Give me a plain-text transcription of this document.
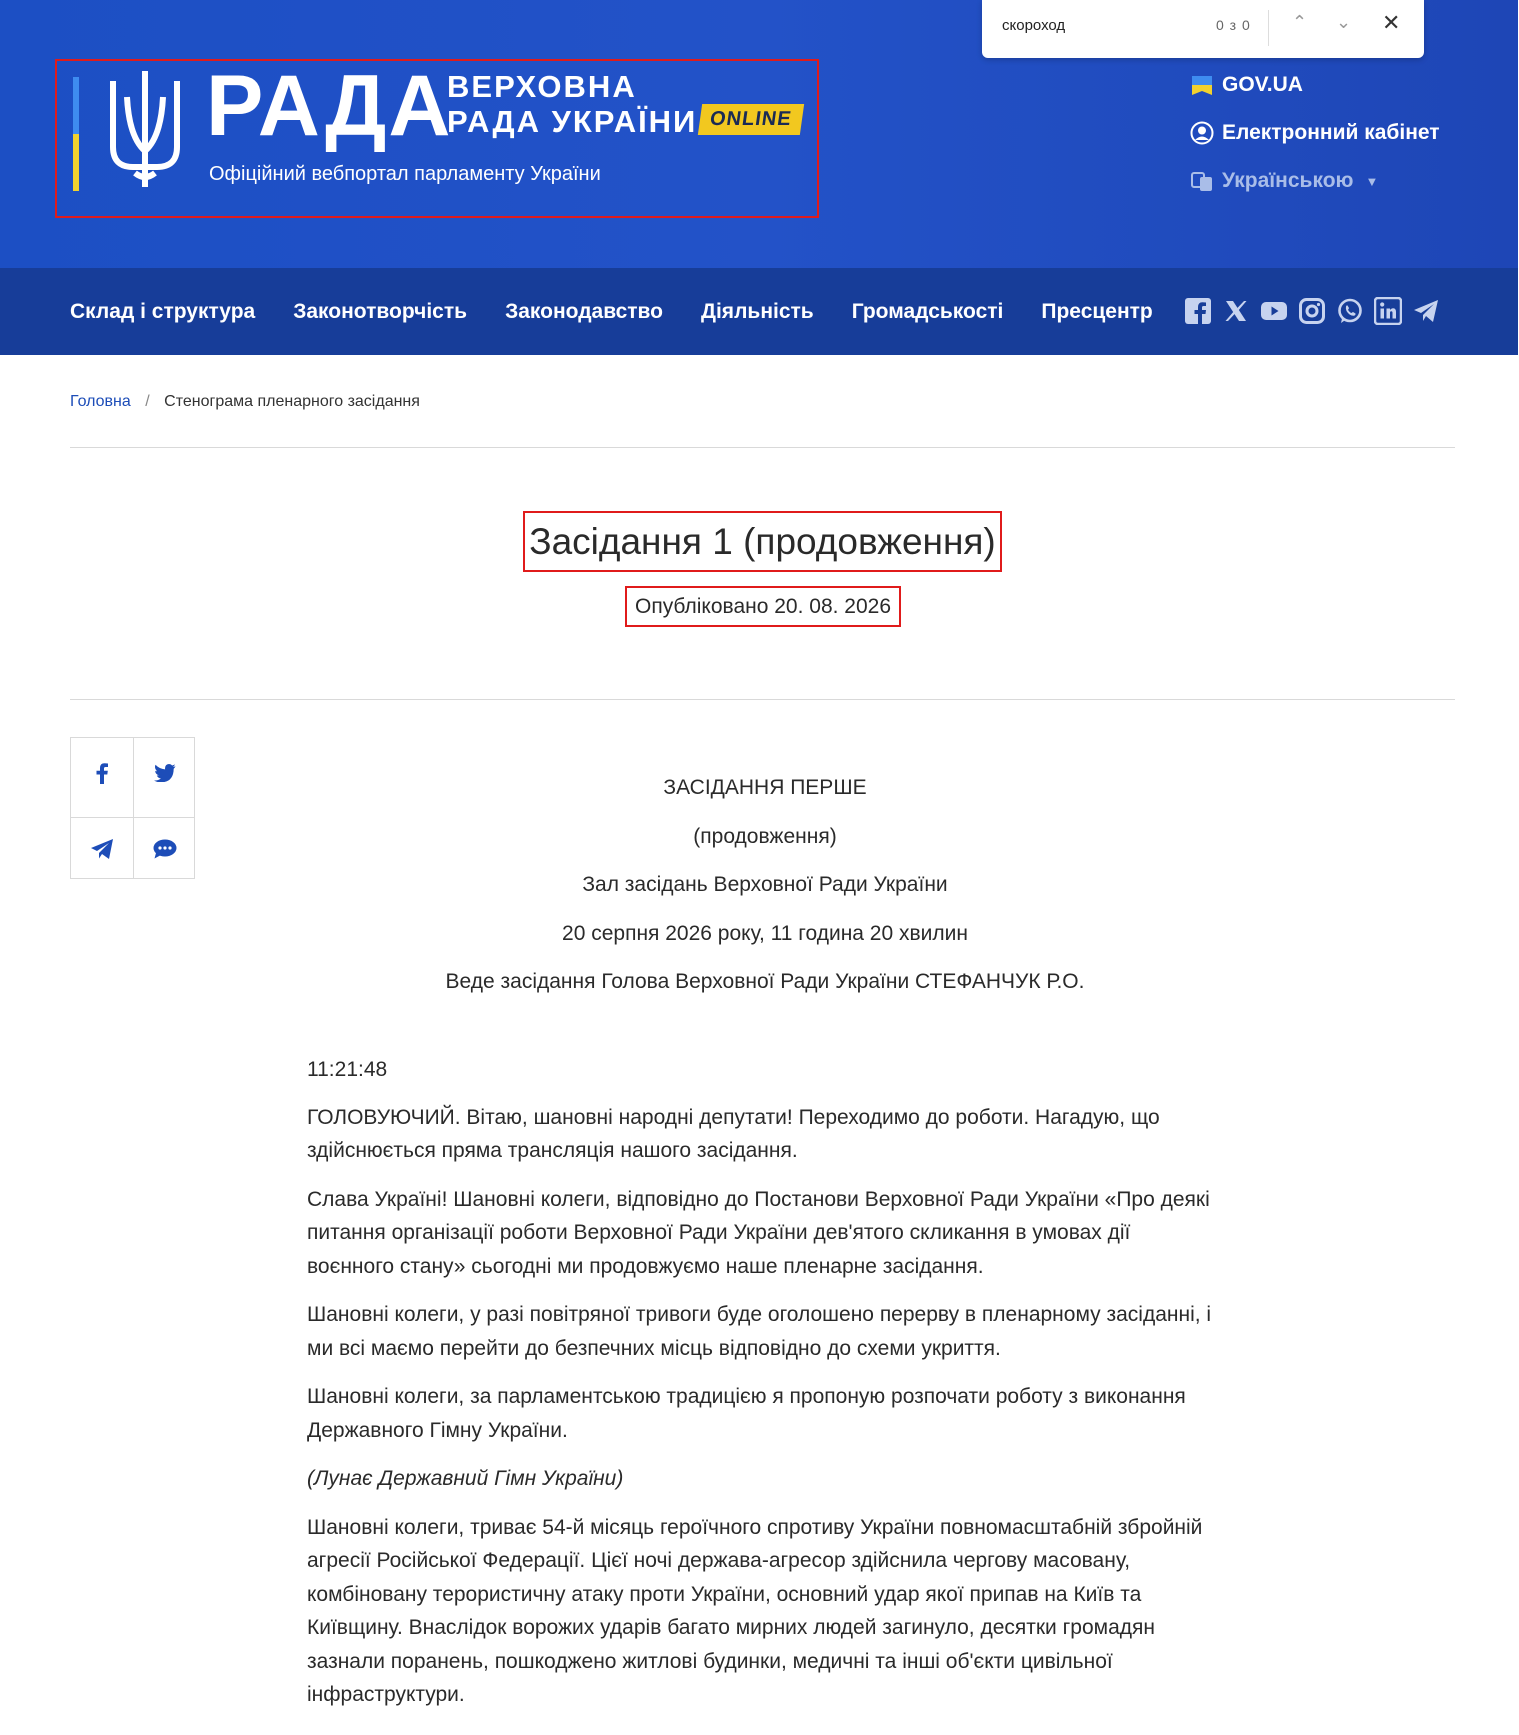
РАДА
ВЕРХОВНА
РАДА УКРАЇНИ ONLINE
Офіційний вебпортал парламенту України
скороход	0 з 0 ⌃ ⌄ ✕
GOV.UA
Електронний кабінет
Українською ▼
Склад і структура Законотворчість Законодавство Діяльність Громадськості Пресцентр
Головна / Стенограма пленарного засідання
Засідання 1 (продовження)
Опубліковано 20. 08. 2026
ЗАСІДАННЯ ПЕРШЕ
(продовження)
Зал засідань Верховної Ради України
20 серпня 2026 року, 11 година 20 хвилин
Веде засідання Голова Верховної Ради України СТЕФАНЧУК Р.О.

11:21:48

ГОЛОВУЮЧИЙ. Вітаю, шановні народні депутати! Переходимо до роботи. Нагадую, що здійснюється пряма трансляція нашого засідання.

Слава Україні! Шановні колеги, відповідно до Постанови Верховної Ради України «Про деякі питання організації роботи Верховної Ради України дев'ятого скликання в умовах дії воєнного стану» сьогодні ми продовжуємо наше пленарне засідання.

Шановні колеги, у разі повітряної тривоги буде оголошено перерву в пленарному засіданні, і ми всі маємо перейти до безпечних місць відповідно до схеми укриття.

Шановні колеги, за парламентською традицією я пропоную розпочати роботу з виконання Державного Гімну України.

(Лунає Державний Гімн України)

Шановні колеги, триває 54-й місяць героїчного спротиву України повномасштабній збройній агресії Російської Федерації. Цієї ночі держава-агресор здійснила чергову масовану, комбіновану терористичну атаку проти України, основний удар якої припав на Київ та Київщину. Внаслідок ворожих ударів багато мирних людей загинуло, десятки громадян зазнали поранень, пошкоджено житлові будинки, медичні та інші об'єкти цивільної інфраструктури.
